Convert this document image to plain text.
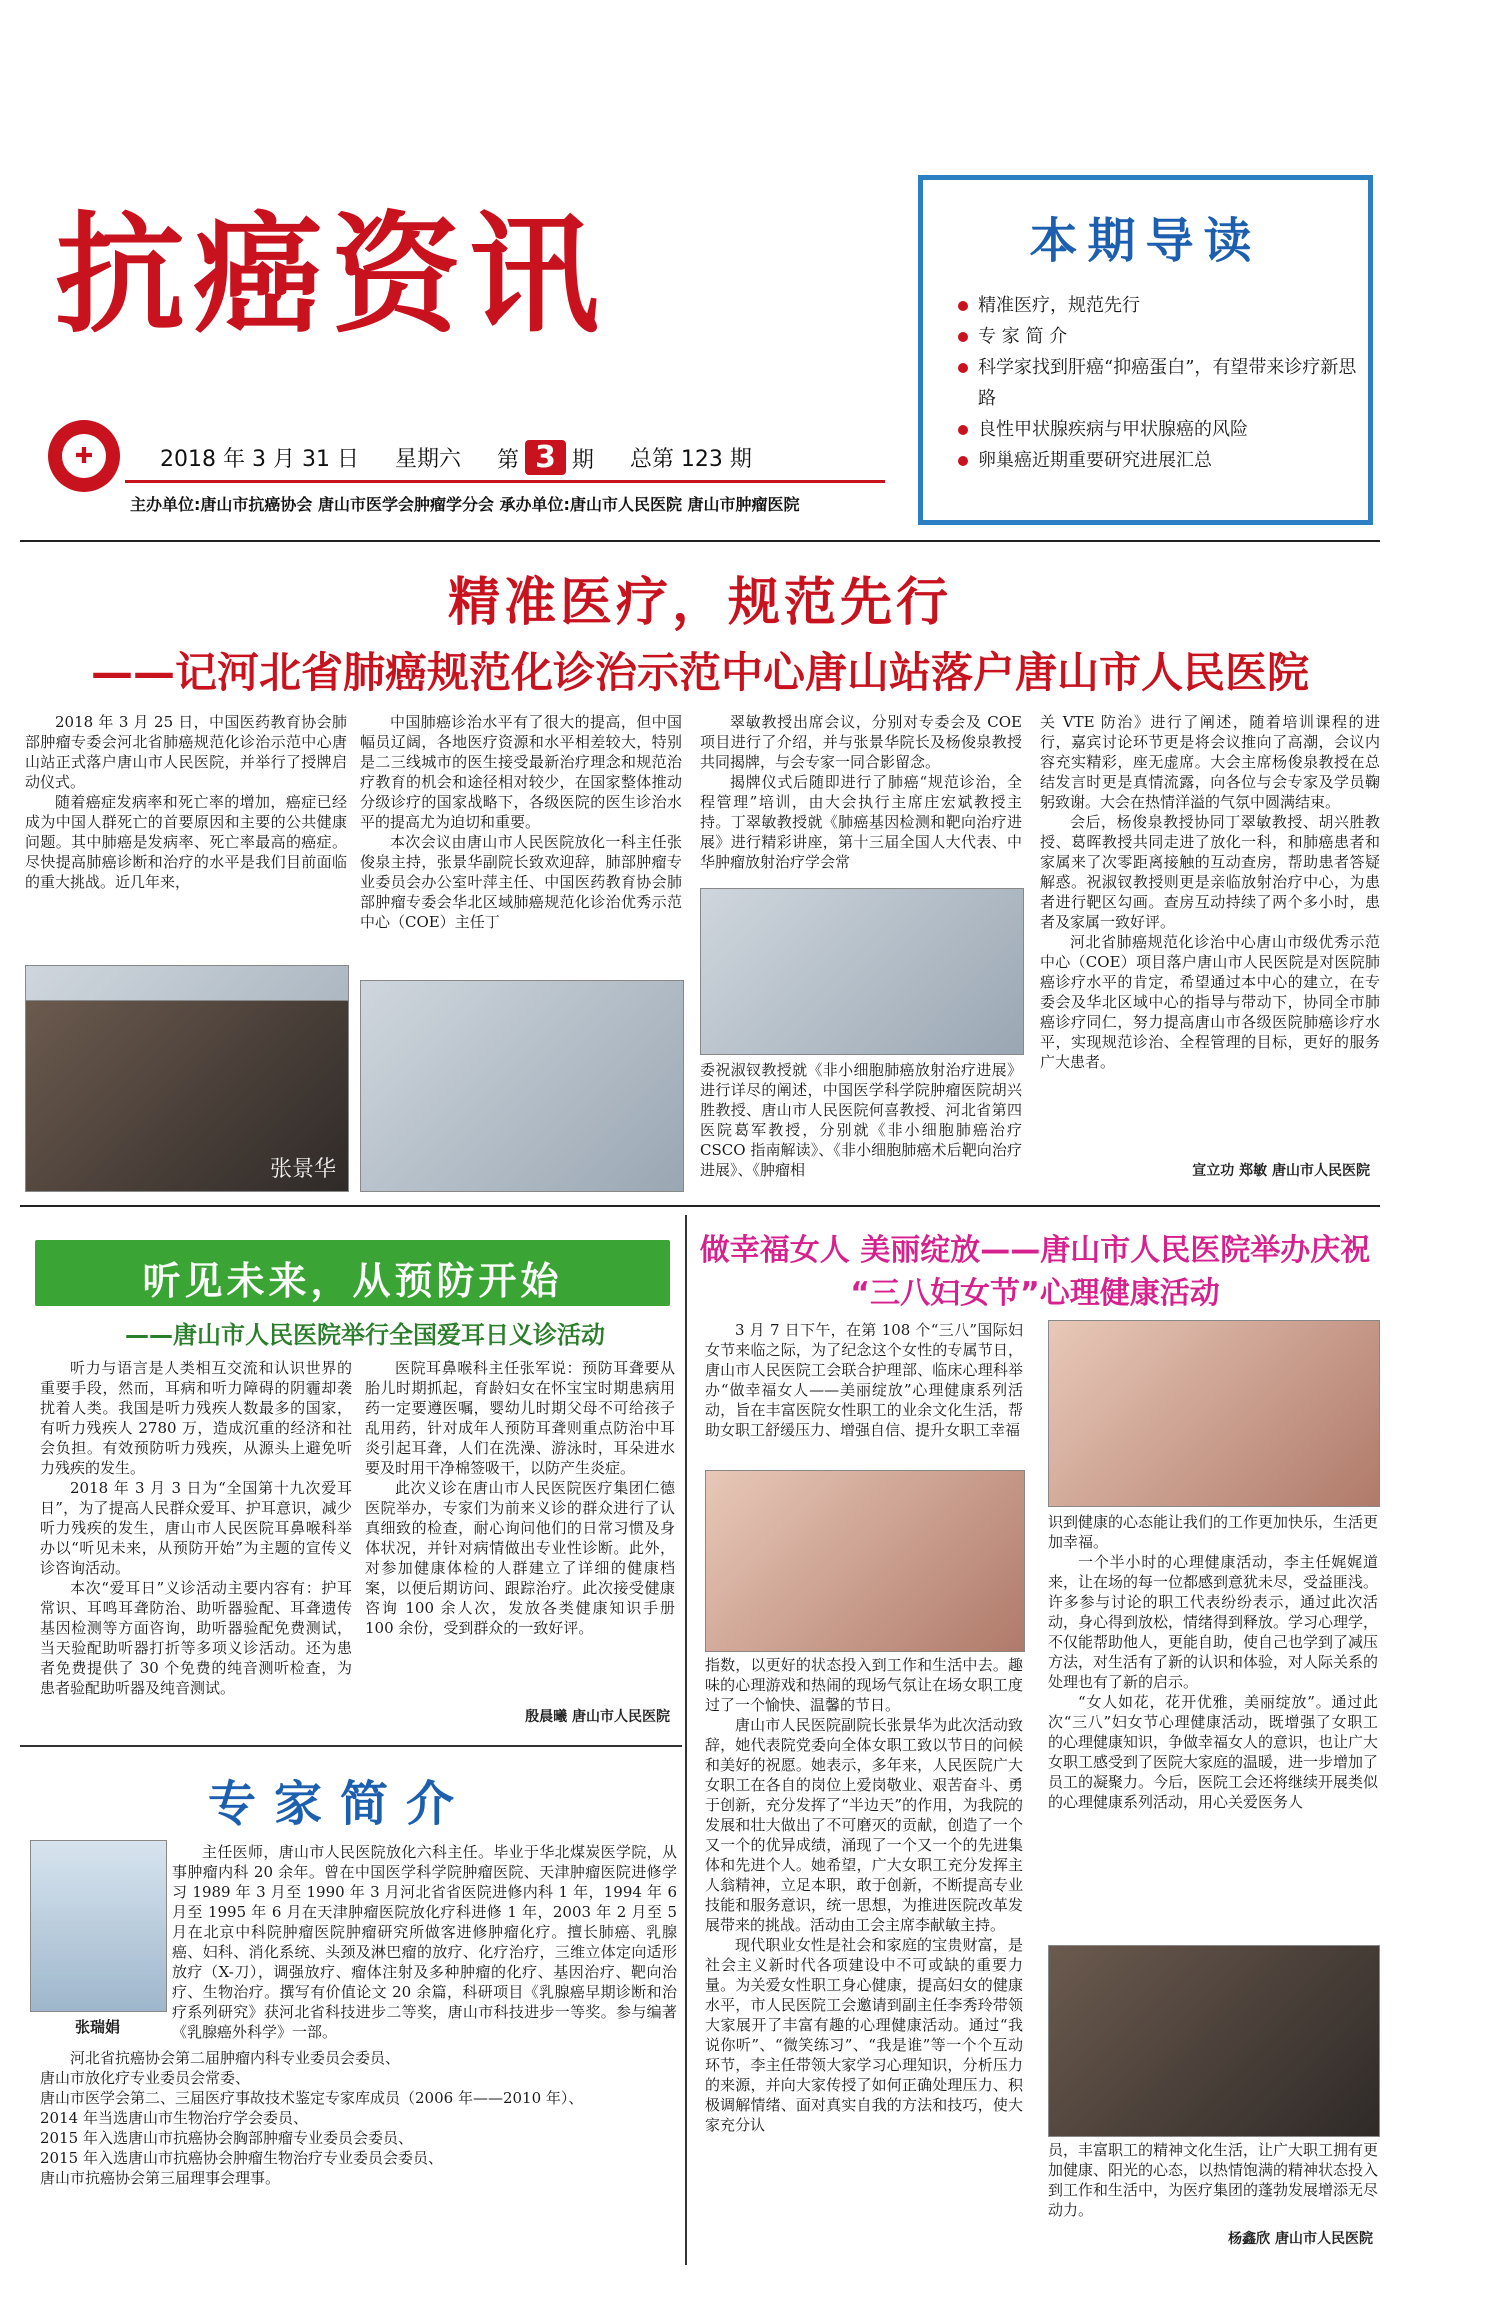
抗癌资讯
✚	2018 年 3 月 31 日 星期六 第 3 期 总第 123 期
主办单位:唐山市抗癌协会 唐山市医学会肿瘤学分会 承办单位:唐山市人民医院 唐山市肿瘤医院
本期导读
精准医疗，规范先行
专 家 简 介
科学家找到肝癌“抑癌蛋白”，有望带来诊疗新思路
良性甲状腺疾病与甲状腺癌的风险
卵巢癌近期重要研究进展汇总
精准医疗，规范先行
——记河北省肺癌规范化诊治示范中心唐山站落户唐山市人民医院

2018 年 3 月 25 日，中国医药教育协会肺部肿瘤专委会河北省肺癌规范化诊治示范中心唐山站正式落户唐山市人民医院，并举行了授牌启动仪式。

随着癌症发病率和死亡率的增加，癌症已经成为中国人群死亡的首要原因和主要的公共健康问题。其中肺癌是发病率、死亡率最高的癌症。尽快提高肺癌诊断和治疗的水平是我们目前面临的重大挑战。近几年来，

张景华

中国肺癌诊治水平有了很大的提高，但中国幅员辽阔，各地医疗资源和水平相差较大，特别是二三线城市的医生接受最新治疗理念和规范治疗教育的机会和途径相对较少，在国家整体推动分级诊疗的国家战略下，各级医院的医生诊治水平的提高尤为迫切和重要。

本次会议由唐山市人民医院放化一科主任张俊泉主持，张景华副院长致欢迎辞，肺部肿瘤专业委员会办公室叶萍主任、中国医药教育协会肺部肿瘤专委会华北区域肺癌规范化诊治优秀示范中心（COE）主任丁

翠敏教授出席会议，分别对专委会及 COE 项目进行了介绍，并与张景华院长及杨俊泉教授共同揭牌，与会专家一同合影留念。

揭牌仪式后随即进行了肺癌“规范诊治，全程管理”培训，由大会执行主席庄宏斌教授主持。丁翠敏教授就《肺癌基因检测和靶向治疗进展》进行精彩讲座，第十三届全国人大代表、中华肿瘤放射治疗学会常

委祝淑钗教授就《非小细胞肺癌放射治疗进展》进行详尽的阐述，中国医学科学院肿瘤医院胡兴胜教授、唐山市人民医院何喜教授、河北省第四医院葛军教授，分别就《非小细胞肺癌治疗 CSCO 指南解读》、《非小细胞肺癌术后靶向治疗进展》、《肿瘤相

关 VTE 防治》进行了阐述，随着培训课程的进行，嘉宾讨论环节更是将会议推向了高潮，会议内容充实精彩，座无虚席。大会主席杨俊泉教授在总结发言时更是真情流露，向各位与会专家及学员鞠躬致谢。大会在热情洋溢的气氛中圆满结束。

会后，杨俊泉教授协同丁翠敏教授、胡兴胜教授、葛晖教授共同走进了放化一科，和肺癌患者和家属来了次零距离接触的互动查房，帮助患者答疑解惑。祝淑钗教授则更是亲临放射治疗中心，为患者进行靶区勾画。查房互动持续了两个多小时，患者及家属一致好评。

河北省肺癌规范化诊治中心唐山市级优秀示范中心（COE）项目落户唐山市人民医院是对医院肺癌诊疗水平的肯定，希望通过本中心的建立，在专委会及华北区域中心的指导与带动下，协同全市肺癌诊疗同仁，努力提高唐山市各级医院肺癌诊疗水平，实现规范诊治、全程管理的目标，更好的服务广大患者。

宣立功 郑敏 唐山市人民医院
听见未来，从预防开始
——唐山市人民医院举行全国爱耳日义诊活动

听力与语言是人类相互交流和认识世界的重要手段，然而，耳病和听力障碍的阴霾却袭扰着人类。我国是听力残疾人数最多的国家，有听力残疾人 2780 万，造成沉重的经济和社会负担。有效预防听力残疾，从源头上避免听力残疾的发生。

2018 年 3 月 3 日为“全国第十九次爱耳日”，为了提高人民群众爱耳、护耳意识，减少听力残疾的发生，唐山市人民医院耳鼻喉科举办以“听见未来，从预防开始”为主题的宣传义诊咨询活动。

本次“爱耳日”义诊活动主要内容有：护耳常识、耳鸣耳聋防治、助听器验配、耳聋遗传基因检测等方面咨询，助听器验配免费测试，当天验配助听器打折等多项义诊活动。还为患者免费提供了 30 个免费的纯音测听检查，为患者验配助听器及纯音测试。

医院耳鼻喉科主任张军说：预防耳聋要从胎儿时期抓起，育龄妇女在怀宝宝时期患病用药一定要遵医嘱，婴幼儿时期父母不可给孩子乱用药，针对成年人预防耳聋则重点防治中耳炎引起耳聋，人们在洗澡、游泳时，耳朵进水要及时用干净棉签吸干，以防产生炎症。

此次义诊在唐山市人民医院医疗集团仁德医院举办，专家们为前来义诊的群众进行了认真细致的检查，耐心询问他们的日常习惯及身体状况，并针对病情做出专业性诊断。此外，对参加健康体检的人群建立了详细的健康档案，以便后期访问、跟踪治疗。此次接受健康咨询 100 余人次，发放各类健康知识手册 100 余份，受到群众的一致好评。

殷晨曦 唐山市人民医院
做幸福女人 美丽绽放——唐山市人民医院举办庆祝
“三八妇女节”心理健康活动

3 月 7 日下午，在第 108 个“三八”国际妇女节来临之际，为了纪念这个女性的专属节日，唐山市人民医院工会联合护理部、临床心理科举办“做幸福女人——美丽绽放”心理健康系列活动，旨在丰富医院女性职工的业余文化生活，帮助女职工舒缓压力、增强自信、提升女职工幸福

指数，以更好的状态投入到工作和生活中去。趣味的心理游戏和热闹的现场气氛让在场女职工度过了一个愉快、温馨的节日。

唐山市人民医院副院长张景华为此次活动致辞，她代表院党委向全体女职工致以节日的问候和美好的祝愿。她表示，多年来，人民医院广大女职工在各自的岗位上爱岗敬业、艰苦奋斗、勇于创新，充分发挥了“半边天”的作用，为我院的发展和壮大做出了不可磨灭的贡献，创造了一个又一个的优异成绩，涌现了一个又一个的先进集体和先进个人。她希望，广大女职工充分发挥主人翁精神，立足本职，敢于创新，不断提高专业技能和服务意识，统一思想，为推进医院改革发展带来的挑战。活动由工会主席李献敏主持。

现代职业女性是社会和家庭的宝贵财富，是社会主义新时代各项建设中不可或缺的重要力量。为关爱女性职工身心健康，提高妇女的健康水平，市人民医院工会邀请到副主任李秀玲带领大家展开了丰富有趣的心理健康活动。通过“我说你听”、“微笑练习”、“我是谁”等一个个互动环节，李主任带领大家学习心理知识，分析压力的来源，并向大家传授了如何正确处理压力、积极调解情绪、面对真实自我的方法和技巧，使大家充分认

识到健康的心态能让我们的工作更加快乐，生活更加幸福。

一个半小时的心理健康活动，李主任娓娓道来，让在场的每一位都感到意犹未尽，受益匪浅。许多参与讨论的职工代表纷纷表示，通过此次活动，身心得到放松，情绪得到释放。学习心理学，不仅能帮助他人，更能自助，使自己也学到了减压方法，对生活有了新的认识和体验，对人际关系的处理也有了新的启示。

“女人如花，花开优雅，美丽绽放”。通过此次“三八”妇女节心理健康活动，既增强了女职工的心理健康知识，争做幸福女人的意识，也让广大女职工感受到了医院大家庭的温暖，进一步增加了员工的凝聚力。今后，医院工会还将继续开展类似的心理健康系列活动，用心关爱医务人

员，丰富职工的精神文化生活，让广大职工拥有更加健康、阳光的心态，以热情饱满的精神状态投入到工作和生活中，为医疗集团的蓬勃发展增添无尽动力。

杨鑫欣 唐山市人民医院
专家简介
张瑞娟

主任医师，唐山市人民医院放化六科主任。毕业于华北煤炭医学院，从事肿瘤内科 20 余年。曾在中国医学科学院肿瘤医院、天津肿瘤医院进修学习 1989 年 3 月至 1990 年 3 月河北省省医院进修内科 1 年，1994 年 6 月至 1995 年 6 月在天津肿瘤医院放化疗科进修 1 年，2003 年 2 月至 5 月在北京中科院肿瘤医院肿瘤研究所做客进修肿瘤化疗。擅长肺癌、乳腺癌、妇科、消化系统、头颈及淋巴瘤的放疗、化疗治疗，三维立体定向适形放疗（X-刀），调强放疗、瘤体注射及多种肿瘤的化疗、基因治疗、靶向治疗、生物治疗。撰写有价值论文 20 余篇，科研项目《乳腺癌早期诊断和治疗系列研究》获河北省科技进步二等奖，唐山市科技进步一等奖。参与编著《乳腺癌外科学》一部。

河北省抗癌协会第二届肿瘤内科专业委员会委员、
唐山市放化疗专业委员会常委、
唐山市医学会第二、三届医疗事故技术鉴定专家库成员（2006 年——2010 年）、
2014 年当选唐山市生物治疗学会委员、
2015 年入选唐山市抗癌协会胸部肿瘤专业委员会委员、
2015 年入选唐山市抗癌协会肿瘤生物治疗专业委员会委员、
唐山市抗癌协会第三届理事会理事。
